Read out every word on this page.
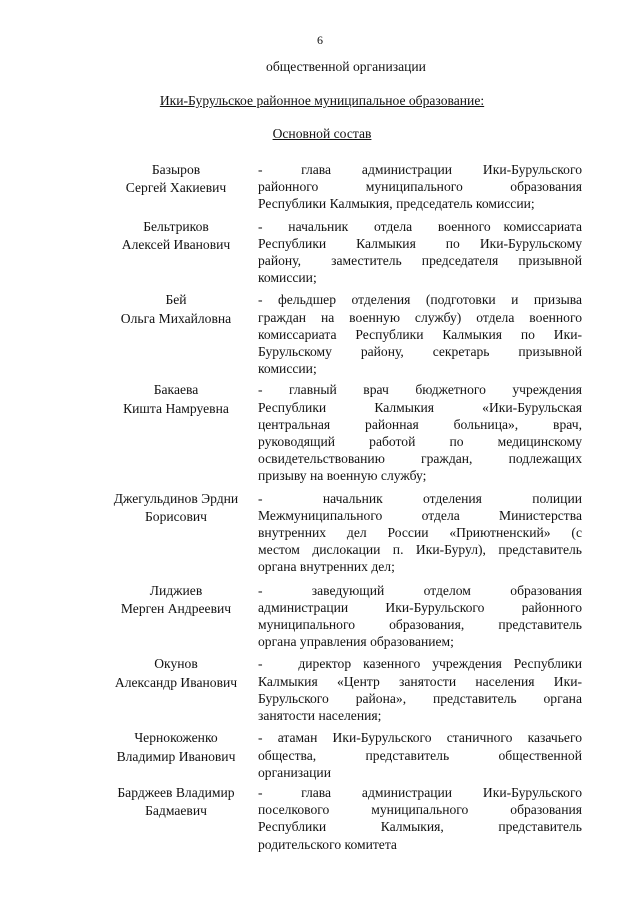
6
общественной организации
Ики-Бурульское районное муниципальное образование:
Основной состав
Базыров
Сергей Хакиевич
-     глава    администрации    Ики-Бурульского
районного     муниципального     образования
Республики Калмыкия, председатель комиссии;
Бельтриков
Алексей Иванович
-  начальник  отдела  военного комиссариата
Республики   Калмыкия   по  Ики-Бурульскому
району,   заместитель  председателя  призывной
комиссии;
Бей
Ольга Михайловна
- фельдшер отделения (подготовки и призыва
граждан на военную службу) отдела военного
комиссариата Республики Калмыкия по Ики-
Бурульскому   району,   секретарь   призывной
комиссии;
Бакаева
Кишта Намруевна
-   главный   врач   бюджетного   учреждения
Республики    Калмыкия    «Ики-Бурульская
центральная   районная   больница»,   врач,
руководящий   работой   по   медицинскому
освидетельствованию   граждан,   подлежащих
призыву на военную службу;
Джегульдинов Эрдни
Борисович
-      начальник    отделения     полиции
Межмуниципального   отдела   Министерства
внутренних  дел  России  «Приютненский»  (с
местом дислокации п. Ики-Бурул), представитель
органа внутренних дел;
Лиджиев
Мерген Андреевич
-     заведующий    отделом    образования
администрации   Ики-Бурульского   районного
муниципального  образования,  представитель
органа управления образованием;
Окунов
Александр Иванович
-   директор казенного учреждения Республики
Калмыкия «Центр занятости населения Ики-
Бурульского  района»,  представитель  органа
занятости населения;
Чернокоженко
Владимир Иванович
- атаман Ики-Бурульского станичного казачьего
общества,    представитель    общественной
организации
Барджеев Владимир
Бадмаевич
-     глава    администрации    Ики-Бурульского
поселкового    муниципального    образования
Республики     Калмыкия,     представитель
родительского комитета
